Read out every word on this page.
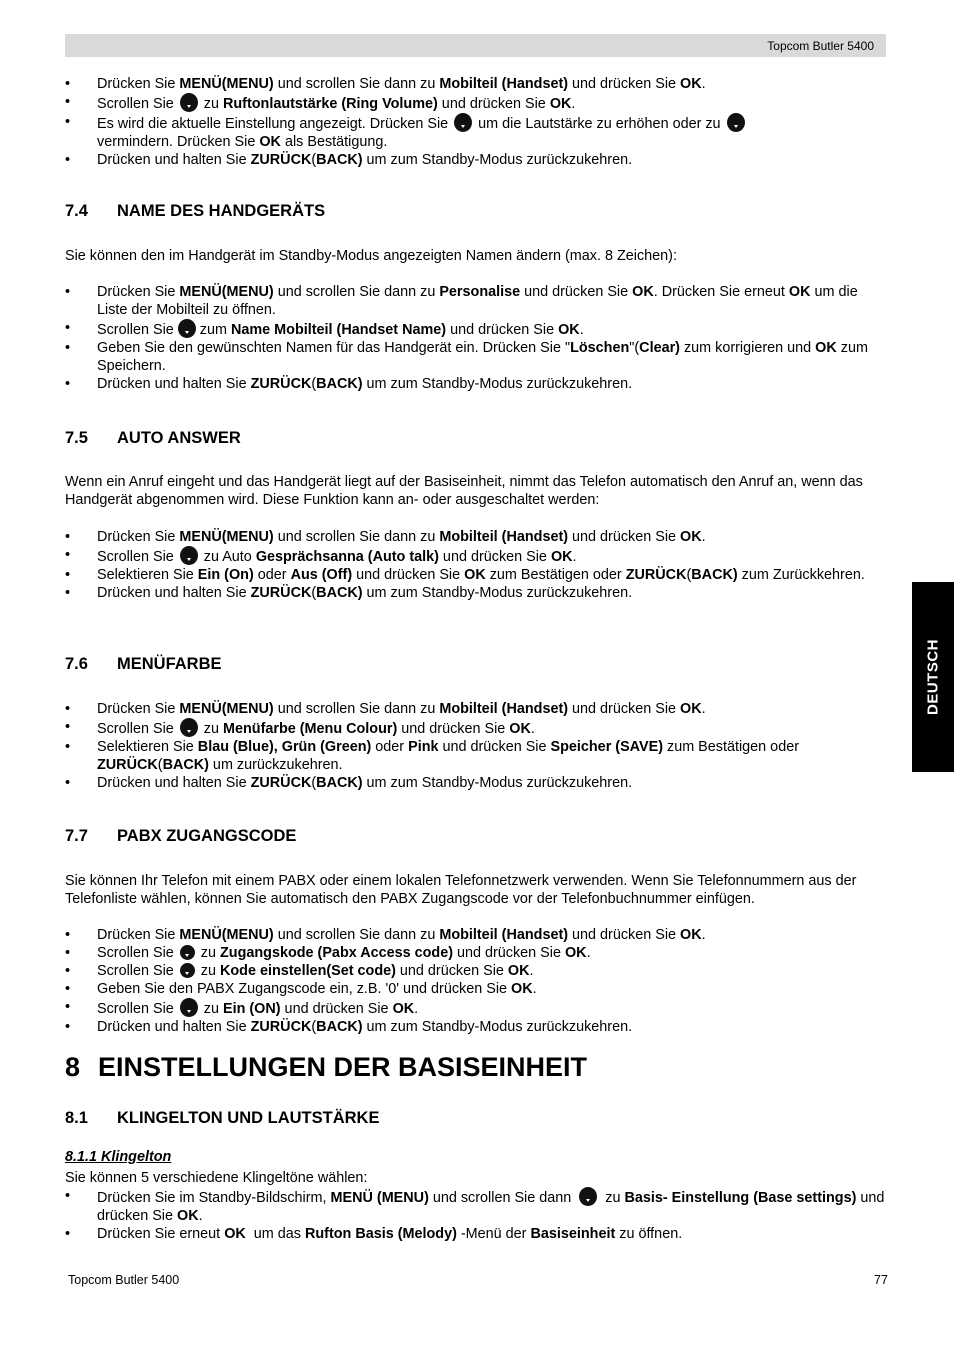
Topcom Butler 5400
• Drücken Sie MENÜ(MENU) und scrollen Sie dann zu Mobilteil (Handset) und drücken Sie OK.
• Scrollen Sie zu Ruftonlautstärke (Ring Volume) und drücken Sie OK.
• Es wird die aktuelle Einstellung angezeigt. Drücken Sie um die Lautstärke zu erhöhen oder zu
vermindern. Drücken Sie OK als Bestätigung.
• Drücken und halten Sie ZURÜCK(BACK) um zum Standby-Modus zurückzukehren.
7.4 NAME DES HANDGERÄTS

Sie können den im Handgerät im Standby-Modus angezeigten Namen ändern (max. 8 Zeichen):

• Drücken Sie MENÜ(MENU) und scrollen Sie dann zu Personalise und drücken Sie OK. Drücken Sie erneut OK um die Liste der Mobilteil zu öffnen.
• Scrollen Sie zum Name Mobilteil (Handset Name) und drücken Sie OK.
• Geben Sie den gewünschten Namen für das Handgerät ein. Drücken Sie "Löschen"(Clear) zum korrigieren und OK zum Speichern.
• Drücken und halten Sie ZURÜCK(BACK) um zum Standby-Modus zurückzukehren.
7.5 AUTO ANSWER

Wenn ein Anruf eingeht und das Handgerät liegt auf der Basiseinheit, nimmt das Telefon automatisch den Anruf an, wenn das Handgerät abgenommen wird. Diese Funktion kann an- oder ausgeschaltet werden:

• Drücken Sie MENÜ(MENU) und scrollen Sie dann zu Mobilteil (Handset) und drücken Sie OK.
• Scrollen Sie zu Auto Gesprächsanna (Auto talk) und drücken Sie OK.
• Selektieren Sie Ein (On) oder Aus (Off) und drücken Sie OK zum Bestätigen oder ZURÜCK(BACK) zum Zurückkehren.
• Drücken und halten Sie ZURÜCK(BACK) um zum Standby-Modus zurückzukehren.
7.6 MENÜFARBE
• Drücken Sie MENÜ(MENU) und scrollen Sie dann zu Mobilteil (Handset) und drücken Sie OK.
• Scrollen Sie zu Menüfarbe (Menu Colour) und drücken Sie OK.
• Selektieren Sie Blau (Blue), Grün (Green) oder Pink und drücken Sie Speicher (SAVE) zum Bestätigen oder ZURÜCK(BACK) um zurückzukehren.
• Drücken und halten Sie ZURÜCK(BACK) um zum Standby-Modus zurückzukehren.
7.7 PABX ZUGANGSCODE

Sie können Ihr Telefon mit einem PABX oder einem lokalen Telefonnetzwerk verwenden. Wenn Sie Telefonnummern aus der Telefonliste wählen, können Sie automatisch den PABX Zugangscode vor der Telefonbuchnummer einfügen.

• Drücken Sie MENÜ(MENU) und scrollen Sie dann zu Mobilteil (Handset) und drücken Sie OK.
• Scrollen Sie zu Zugangskode (Pabx Access code) und drücken Sie OK.
• Scrollen Sie zu Kode einstellen(Set code) und drücken Sie OK.
• Geben Sie den PABX Zugangscode ein, z.B. '0' und drücken Sie OK.
• Scrollen Sie zu Ein (ON) und drücken Sie OK.
• Drücken und halten Sie ZURÜCK(BACK) um zum Standby-Modus zurückzukehren.
8 EINSTELLUNGEN DER BASISEINHEIT
8.1 KLINGELTON UND LAUTSTÄRKE
8.1.1 Klingelton

Sie können 5 verschiedene Klingeltöne wählen:

• Drücken Sie im Standby-Bildschirm, MENÜ (MENU) und scrollen Sie dann zu Basis- Einstellung (Base settings) und drücken Sie OK.
• Drücken Sie erneut OK  um das Rufton Basis (Melody) -Menü der Basiseinheit zu öffnen.
DEUTSCH
Topcom Butler 5400	77
